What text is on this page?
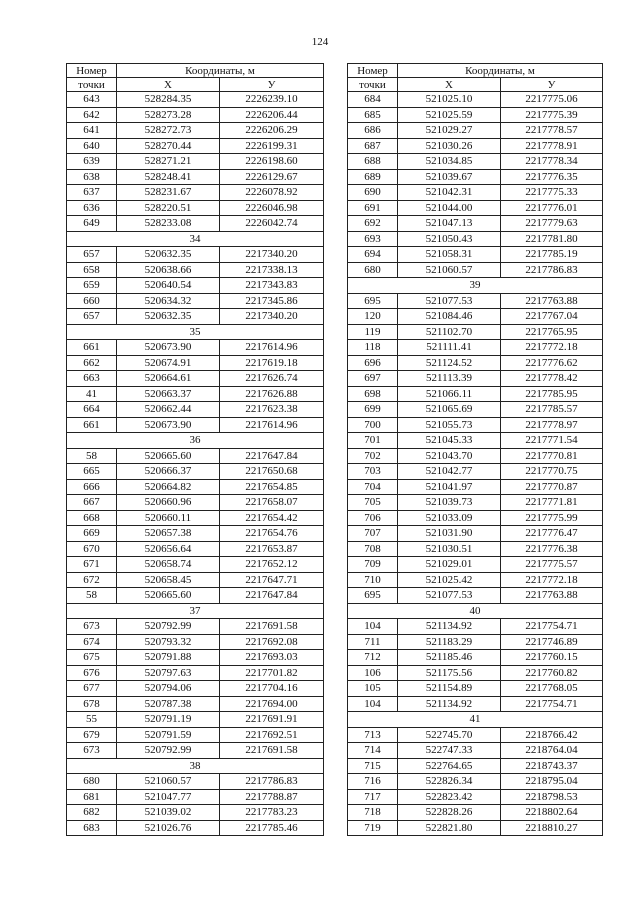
124
Номер	Координаты, м	
точки	X	У
643	528284.35	2226239.10
642	528273.28	2226206.44
641	528272.73	2226206.29
640	528270.44	2226199.31
639	528271.21	2226198.60
638	528248.41	2226129.67
637	528231.67	2226078.92
636	528220.51	2226046.98
649	528233.08	2226042.74
34		
657	520632.35	2217340.20
658	520638.66	2217338.13
659	520640.54	2217343.83
660	520634.32	2217345.86
657	520632.35	2217340.20
35		
661	520673.90	2217614.96
662	520674.91	2217619.18
663	520664.61	2217626.74
41	520663.37	2217626.88
664	520662.44	2217623.38
661	520673.90	2217614.96
36		
58	520665.60	2217647.84
665	520666.37	2217650.68
666	520664.82	2217654.85
667	520660.96	2217658.07
668	520660.11	2217654.42
669	520657.38	2217654.76
670	520656.64	2217653.87
671	520658.74	2217652.12
672	520658.45	2217647.71
58	520665.60	2217647.84
37		
673	520792.99	2217691.58
674	520793.32	2217692.08
675	520791.88	2217693.03
676	520797.63	2217701.82
677	520794.06	2217704.16
678	520787.38	2217694.00
55	520791.19	2217691.91
679	520791.59	2217692.51
673	520792.99	2217691.58
38		
680	521060.57	2217786.83
681	521047.77	2217788.87
682	521039.02	2217783.23
683	521026.76	2217785.46
Номер	Координаты, м	
точки	X	У
684	521025.10	2217775.06
685	521025.59	2217775.39
686	521029.27	2217778.57
687	521030.26	2217778.91
688	521034.85	2217778.34
689	521039.67	2217776.35
690	521042.31	2217775.33
691	521044.00	2217776.01
692	521047.13	2217779.63
693	521050.43	2217781.80
694	521058.31	2217785.19
680	521060.57	2217786.83
39		
695	521077.53	2217763.88
120	521084.46	2217767.04
119	521102.70	2217765.95
118	521111.41	2217772.18
696	521124.52	2217776.62
697	521113.39	2217778.42
698	521066.11	2217785.95
699	521065.69	2217785.57
700	521055.73	2217778.97
701	521045.33	2217771.54
702	521043.70	2217770.81
703	521042.77	2217770.75
704	521041.97	2217770.87
705	521039.73	2217771.81
706	521033.09	2217775.99
707	521031.90	2217776.47
708	521030.51	2217776.38
709	521029.01	2217775.57
710	521025.42	2217772.18
695	521077.53	2217763.88
40		
104	521134.92	2217754.71
711	521183.29	2217746.89
712	521185.46	2217760.15
106	521175.56	2217760.82
105	521154.89	2217768.05
104	521134.92	2217754.71
41		
713	522745.70	2218766.42
714	522747.33	2218764.04
715	522764.65	2218743.37
716	522826.34	2218795.04
717	522823.42	2218798.53
718	522828.26	2218802.64
719	522821.80	2218810.27
